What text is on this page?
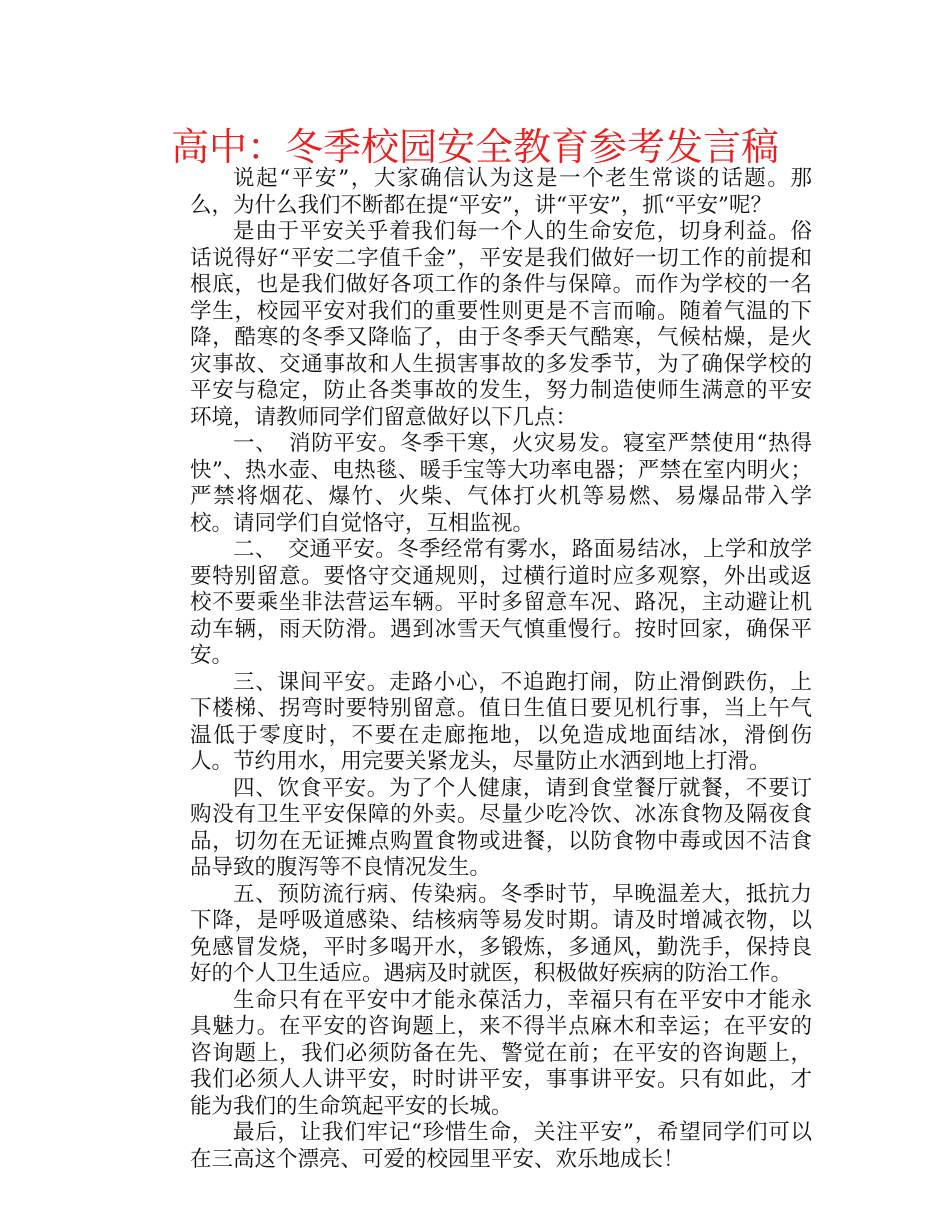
高中：冬季校园安全教育参考发言稿

说起“平安”，大家确信认为这是一个老生常谈的话题。那么，为什么我们不断都在提“平安”，讲“平安”，抓“平安”呢？

是由于平安关乎着我们每一个人的生命安危，切身利益。俗话说得好“平安二字值千金”，平安是我们做好一切工作的前提和根底，也是我们做好各项工作的条件与保障。而作为学校的一名学生，校园平安对我们的重要性则更是不言而喻。随着气温的下降，酷寒的冬季又降临了，由于冬季天气酷寒，气候枯燥，是火灾事故、交通事故和人生损害事故的多发季节，为了确保学校的平安与稳定，防止各类事故的发生，努力制造使师生满意的平安环境，请教师同学们留意做好以下几点：

一、　消防平安。冬季干寒，火灾易发。寝室严禁使用“热得快”、热水壶、电热毯、暖手宝等大功率电器；严禁在室内明火；严禁将烟花、爆竹、火柴、气体打火机等易燃、易爆品带入学校。请同学们自觉恪守，互相监视。

二、　交通平安。冬季经常有雾水，路面易结冰，上学和放学要特别留意。要恪守交通规则，过横行道时应多观察，外出或返校不要乘坐非法营运车辆。平时多留意车况、路况，主动避让机动车辆，雨天防滑。遇到冰雪天气慎重慢行。按时回家，确保平安。

三、课间平安。走路小心，不追跑打闹，防止滑倒跌伤，上下楼梯、拐弯时要特别留意。值日生值日要见机行事，当上午气温低于零度时，不要在走廊拖地，以免造成地面结冰，滑倒伤人。节约用水，用完要关紧龙头，尽量防止水洒到地上打滑。

四、饮食平安。为了个人健康，请到食堂餐厅就餐，不要订购没有卫生平安保障的外卖。尽量少吃冷饮、冰冻食物及隔夜食品，切勿在无证摊点购置食物或进餐，以防食物中毒或因不洁食品导致的腹泻等不良情况发生。

五、预防流行病、传染病。冬季时节，早晚温差大，抵抗力下降，是呼吸道感染、结核病等易发时期。请及时增减衣物，以免感冒发烧，平时多喝开水，多锻炼，多通风，勤洗手，保持良好的个人卫生适应。遇病及时就医，积极做好疾病的防治工作。

生命只有在平安中才能永葆活力，幸福只有在平安中才能永具魅力。在平安的咨询题上，来不得半点麻木和幸运；在平安的咨询题上，我们必须防备在先、警觉在前；在平安的咨询题上，我们必须人人讲平安，时时讲平安，事事讲平安。只有如此，才能为我们的生命筑起平安的长城。

最后，让我们牢记“珍惜生命，关注平安”，希望同学们可以在三高这个漂亮、可爱的校园里平安、欢乐地成长！
